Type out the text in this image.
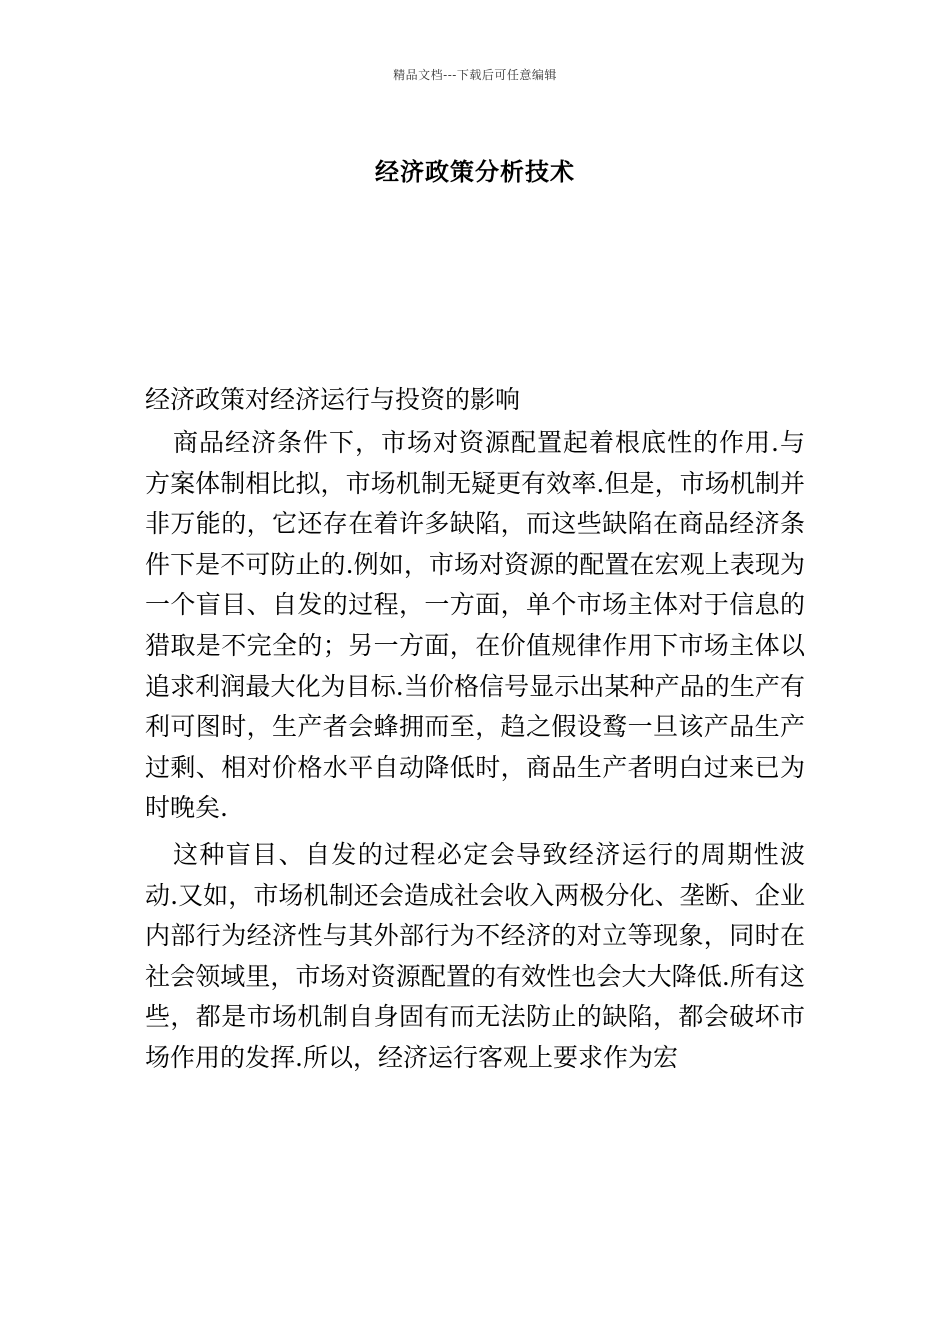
精品文档---下载后可任意编辑
经济政策分析技术
经济政策对经济运行与投资的影响

商品经济条件下，市场对资源配置起着根底性的作用.与方案体制相比拟，市场机制无疑更有效率.但是，市场机制并非万能的，它还存在着许多缺陷，而这些缺陷在商品经济条件下是不可防止的.例如，市场对资源的配置在宏观上表现为一个盲目、自发的过程，一方面，单个市场主体对于信息的猎取是不完全的；另一方面，在价值规律作用下市场主体以追求利润最大化为目标.当价格信号显示出某种产品的生产有利可图时，生产者会蜂拥而至，趋之假设鹜一旦该产品生产过剩、相对价格水平自动降低时，商品生产者明白过来已为时晚矣.

这种盲目、自发的过程必定会导致经济运行的周期性波动.又如，市场机制还会造成社会收入两极分化、垄断、企业内部行为经济性与其外部行为不经济的对立等现象，同时在社会领域里，市场对资源配置的有效性也会大大降低.所有这些，都是市场机制自身固有而无法防止的缺陷，都会破坏市场作用的发挥.所以，经济运行客观上要求作为宏
